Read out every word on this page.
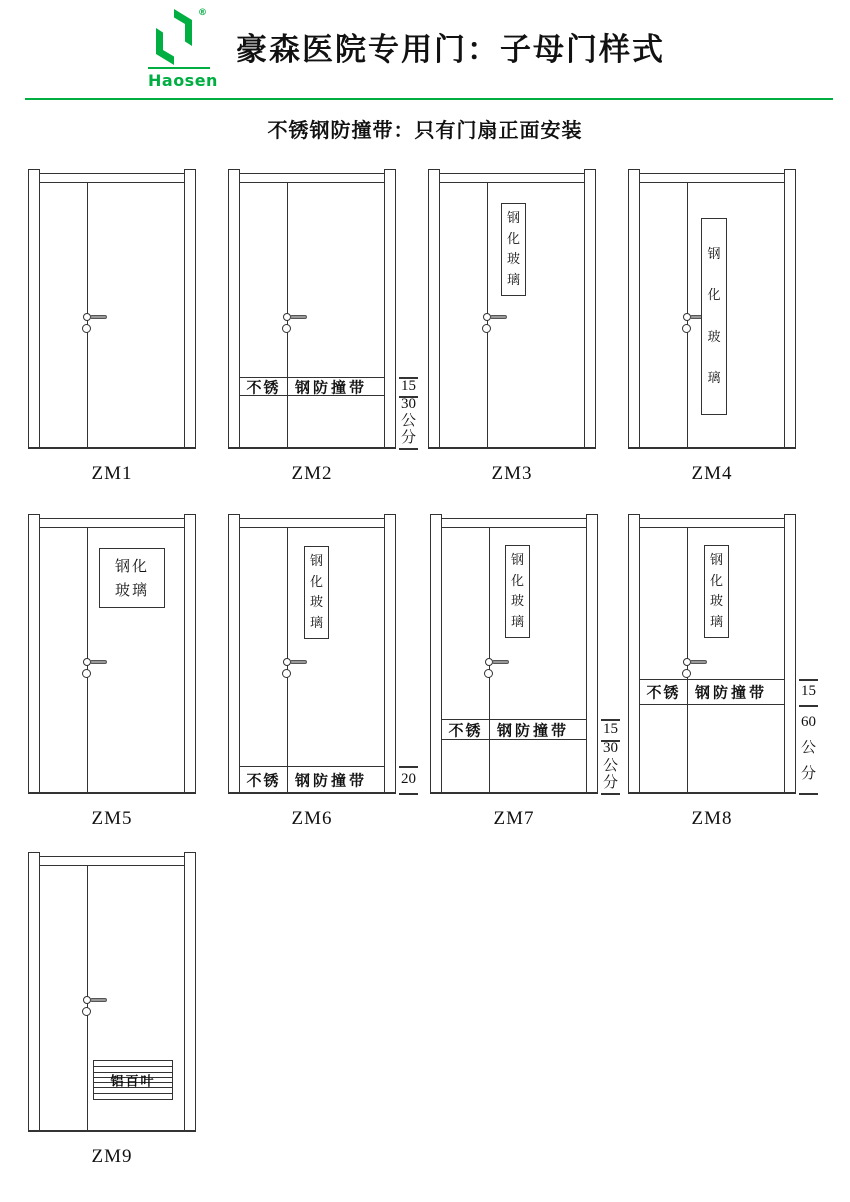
®
Haosen
豪森医院专用门：子母门样式
不锈钢防撞带：只有门扇正面安装
ZM1	ZM2
不锈 钢防撞带 15
30
公
分
ZM3
钢
化
玻
璃
ZM4
钢
化
玻
璃
ZM5
钢化
玻璃
ZM6
钢
化
玻
璃
不锈 钢防撞带 20
ZM7
钢
化
玻
璃
不锈 钢防撞带 15
30
公
分
ZM8
钢
化
玻
璃
不锈 钢防撞带 15
60
公
分
ZM9
铝百叶
